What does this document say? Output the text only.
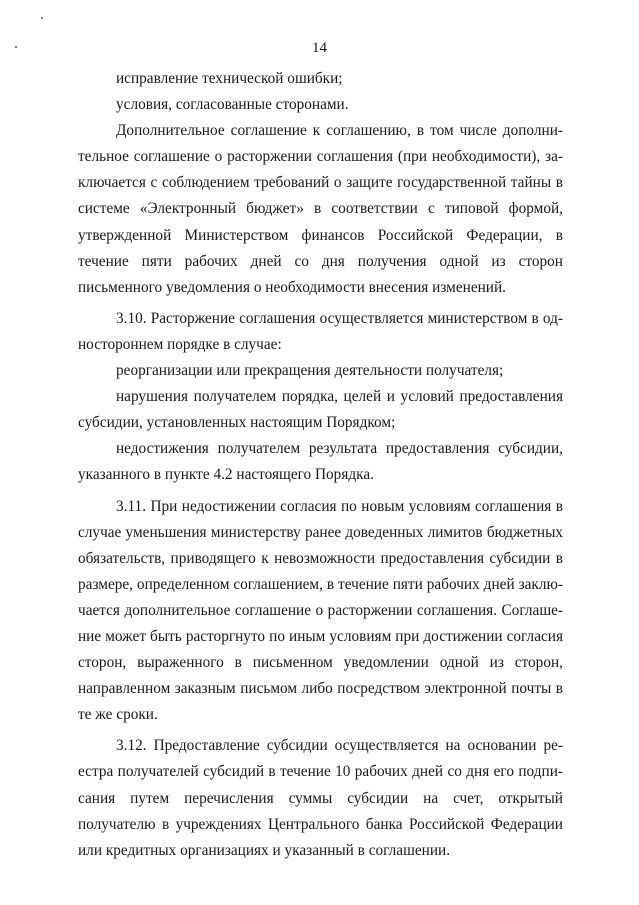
14

исправление технической ошибки;

условия, согласованные сторонами.

Дополнительное соглашение к соглашению, в том числе дополнительное соглашение о расторжении соглашения (при необходимости), заключается с соблюдением требований о защите государственной тайны в системе «Электронный бюджет» в соответствии с типовой формой, утвержденной Министерством финансов Российской Федерации, в течение пяти рабочих дней со дня получения одной из сторон письменного уведомления о необходимости внесения изменений.

3.10. Расторжение соглашения осуществляется министерством в одностороннем порядке в случае:

реорганизации или прекращения деятельности получателя;

нарушения получателем порядка, целей и условий предоставления субсидии, установленных настоящим Порядком;

недостижения получателем результата предоставления субсидии, указанного в пункте 4.2 настоящего Порядка.

3.11. При недостижении согласия по новым условиям соглашения в случае уменьшения министерству ранее доведенных лимитов бюджетных обязательств, приводящего к невозможности предоставления субсидии в размере, определенном соглашением, в течение пяти рабочих дней заключается дополнительное соглашение о расторжении соглашения. Соглашение может быть расторгнуто по иным условиям при достижении согласия сторон, выраженного в письменном уведомлении одной из сторон, направленном заказным письмом либо посредством электронной почты в те же сроки.

3.12. Предоставление субсидии осуществляется на основании реестра получателей субсидий в течение 10 рабочих дней со дня его подписания путем перечисления суммы субсидии на счет, открытый получателю в учреждениях Центрального банка Российской Федерации или кредитных организациях и указанный в соглашении.
